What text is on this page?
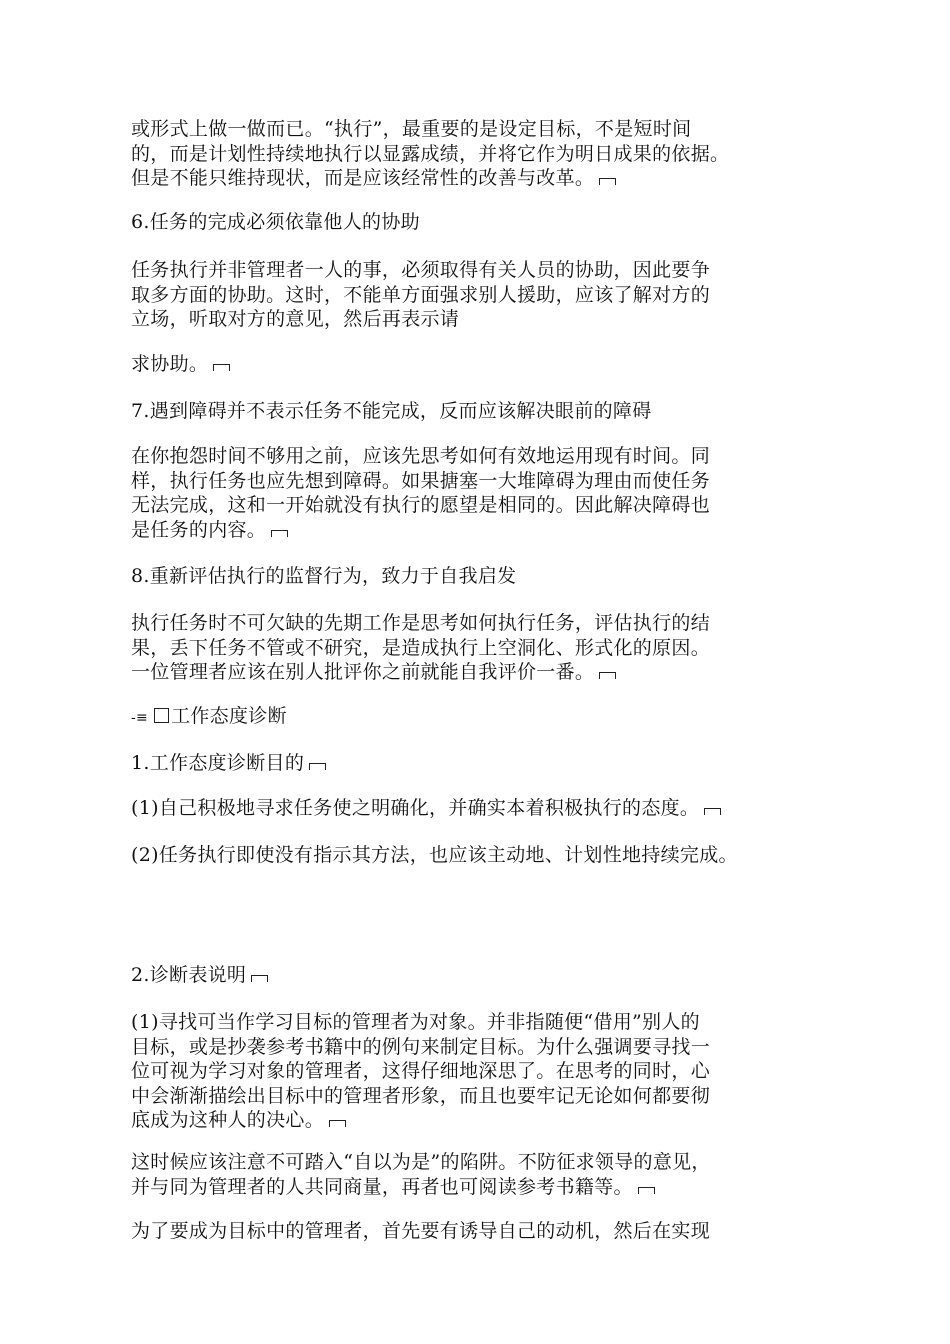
或形式上做一做而已。“执行”，最重要的是设定目标，不是短时间
的，而是计划性持续地执行以显露成绩，并将它作为明日成果的依据。
但是不能只维持现状，而是应该经常性的改善与改革。
6.任务的完成必须依靠他人的协助
任务执行并非管理者一人的事，必须取得有关人员的协助，因此要争
取多方面的协助。这时，不能单方面强求别人援助，应该了解对方的
立场，听取对方的意见，然后再表示请
求协助。
7.遇到障碍并不表示任务不能完成，反而应该解决眼前的障碍
在你抱怨时间不够用之前，应该先思考如何有效地运用现有时间。同
样，执行任务也应先想到障碍。如果搪塞一大堆障碍为理由而使任务
无法完成，这和一开始就没有执行的愿望是相同的。因此解决障碍也
是任务的内容。
8.重新评估执行的监督行为，致力于自我启发
执行任务时不可欠缺的先期工作是思考如何执行任务，评估执行的结
果，丢下任务不管或不研究，是造成执行上空洞化、形式化的原因。
一位管理者应该在别人批评你之前就能自我评价一番。
-≡ 工作态度诊断
1.工作态度诊断目的
(1)自己积极地寻求任务使之明确化，并确实本着积极执行的态度。
(2)任务执行即使没有指示其方法，也应该主动地、计划性地持续完成。
2.诊断表说明
(1)寻找可当作学习目标的管理者为对象。并非指随便“借用”别人的
目标，或是抄袭参考书籍中的例句来制定目标。为什么强调要寻找一
位可视为学习对象的管理者，这得仔细地深思了。在思考的同时，心
中会渐渐描绘出目标中的管理者形象，而且也要牢记无论如何都要彻
底成为这种人的决心。
这时候应该注意不可踏入“自以为是”的陷阱。不防征求领导的意见，
并与同为管理者的人共同商量，再者也可阅读参考书籍等。
为了要成为目标中的管理者，首先要有诱导自己的动机，然后在实现
